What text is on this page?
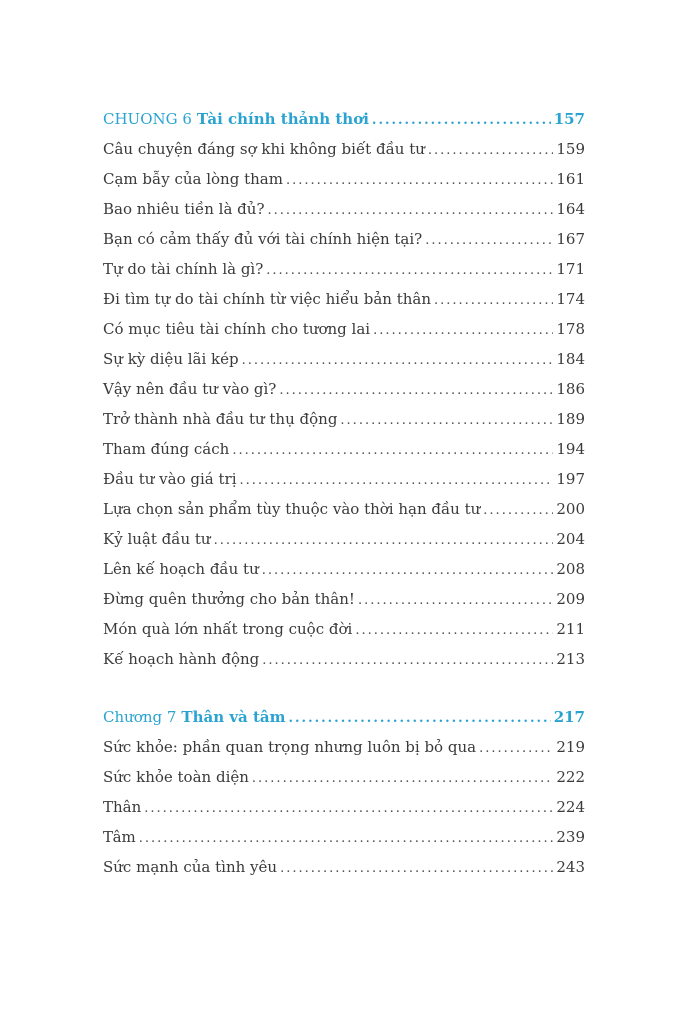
CHUONG 6 Tài chính thảnh thơi .....	157
Câu chuyện đáng sợ khi không biết đầu tư .....	159
Cạm bẫy của lòng tham .....	161
Bao nhiêu tiền là đủ? .....	164
Bạn có cảm thấy đủ với tài chính hiện tại? .....	167
Tự do tài chính là gì? .....	171
Đi tìm tự do tài chính từ việc hiểu bản thân .....	174
Có mục tiêu tài chính cho tương lai .....	178
Sự kỳ diệu lãi kép .....	184
Vậy nên đầu tư vào gì? .....	186
Trở thành nhà đầu tư thụ động .....	189
Tham đúng cách .....	194
Đầu tư vào giá trị .....	197
Lựa chọn sản phẩm tùy thuộc vào thời hạn đầu tư .....	200
Kỷ luật đầu tư .....	204
Lên kế hoạch đầu tư .....	208
Đừng quên thưởng cho bản thân! .....	209
Món quà lớn nhất trong cuộc đời .....	211
Kế hoạch hành động .....	213
Chương 7 Thân và tâm .....	217
Sức khỏe: phần quan trọng nhưng luôn bị bỏ qua .....	219
Sức khỏe toàn diện .....	222
Thân .....	224
Tâm .....	239
Sức mạnh của tình yêu .....	243
